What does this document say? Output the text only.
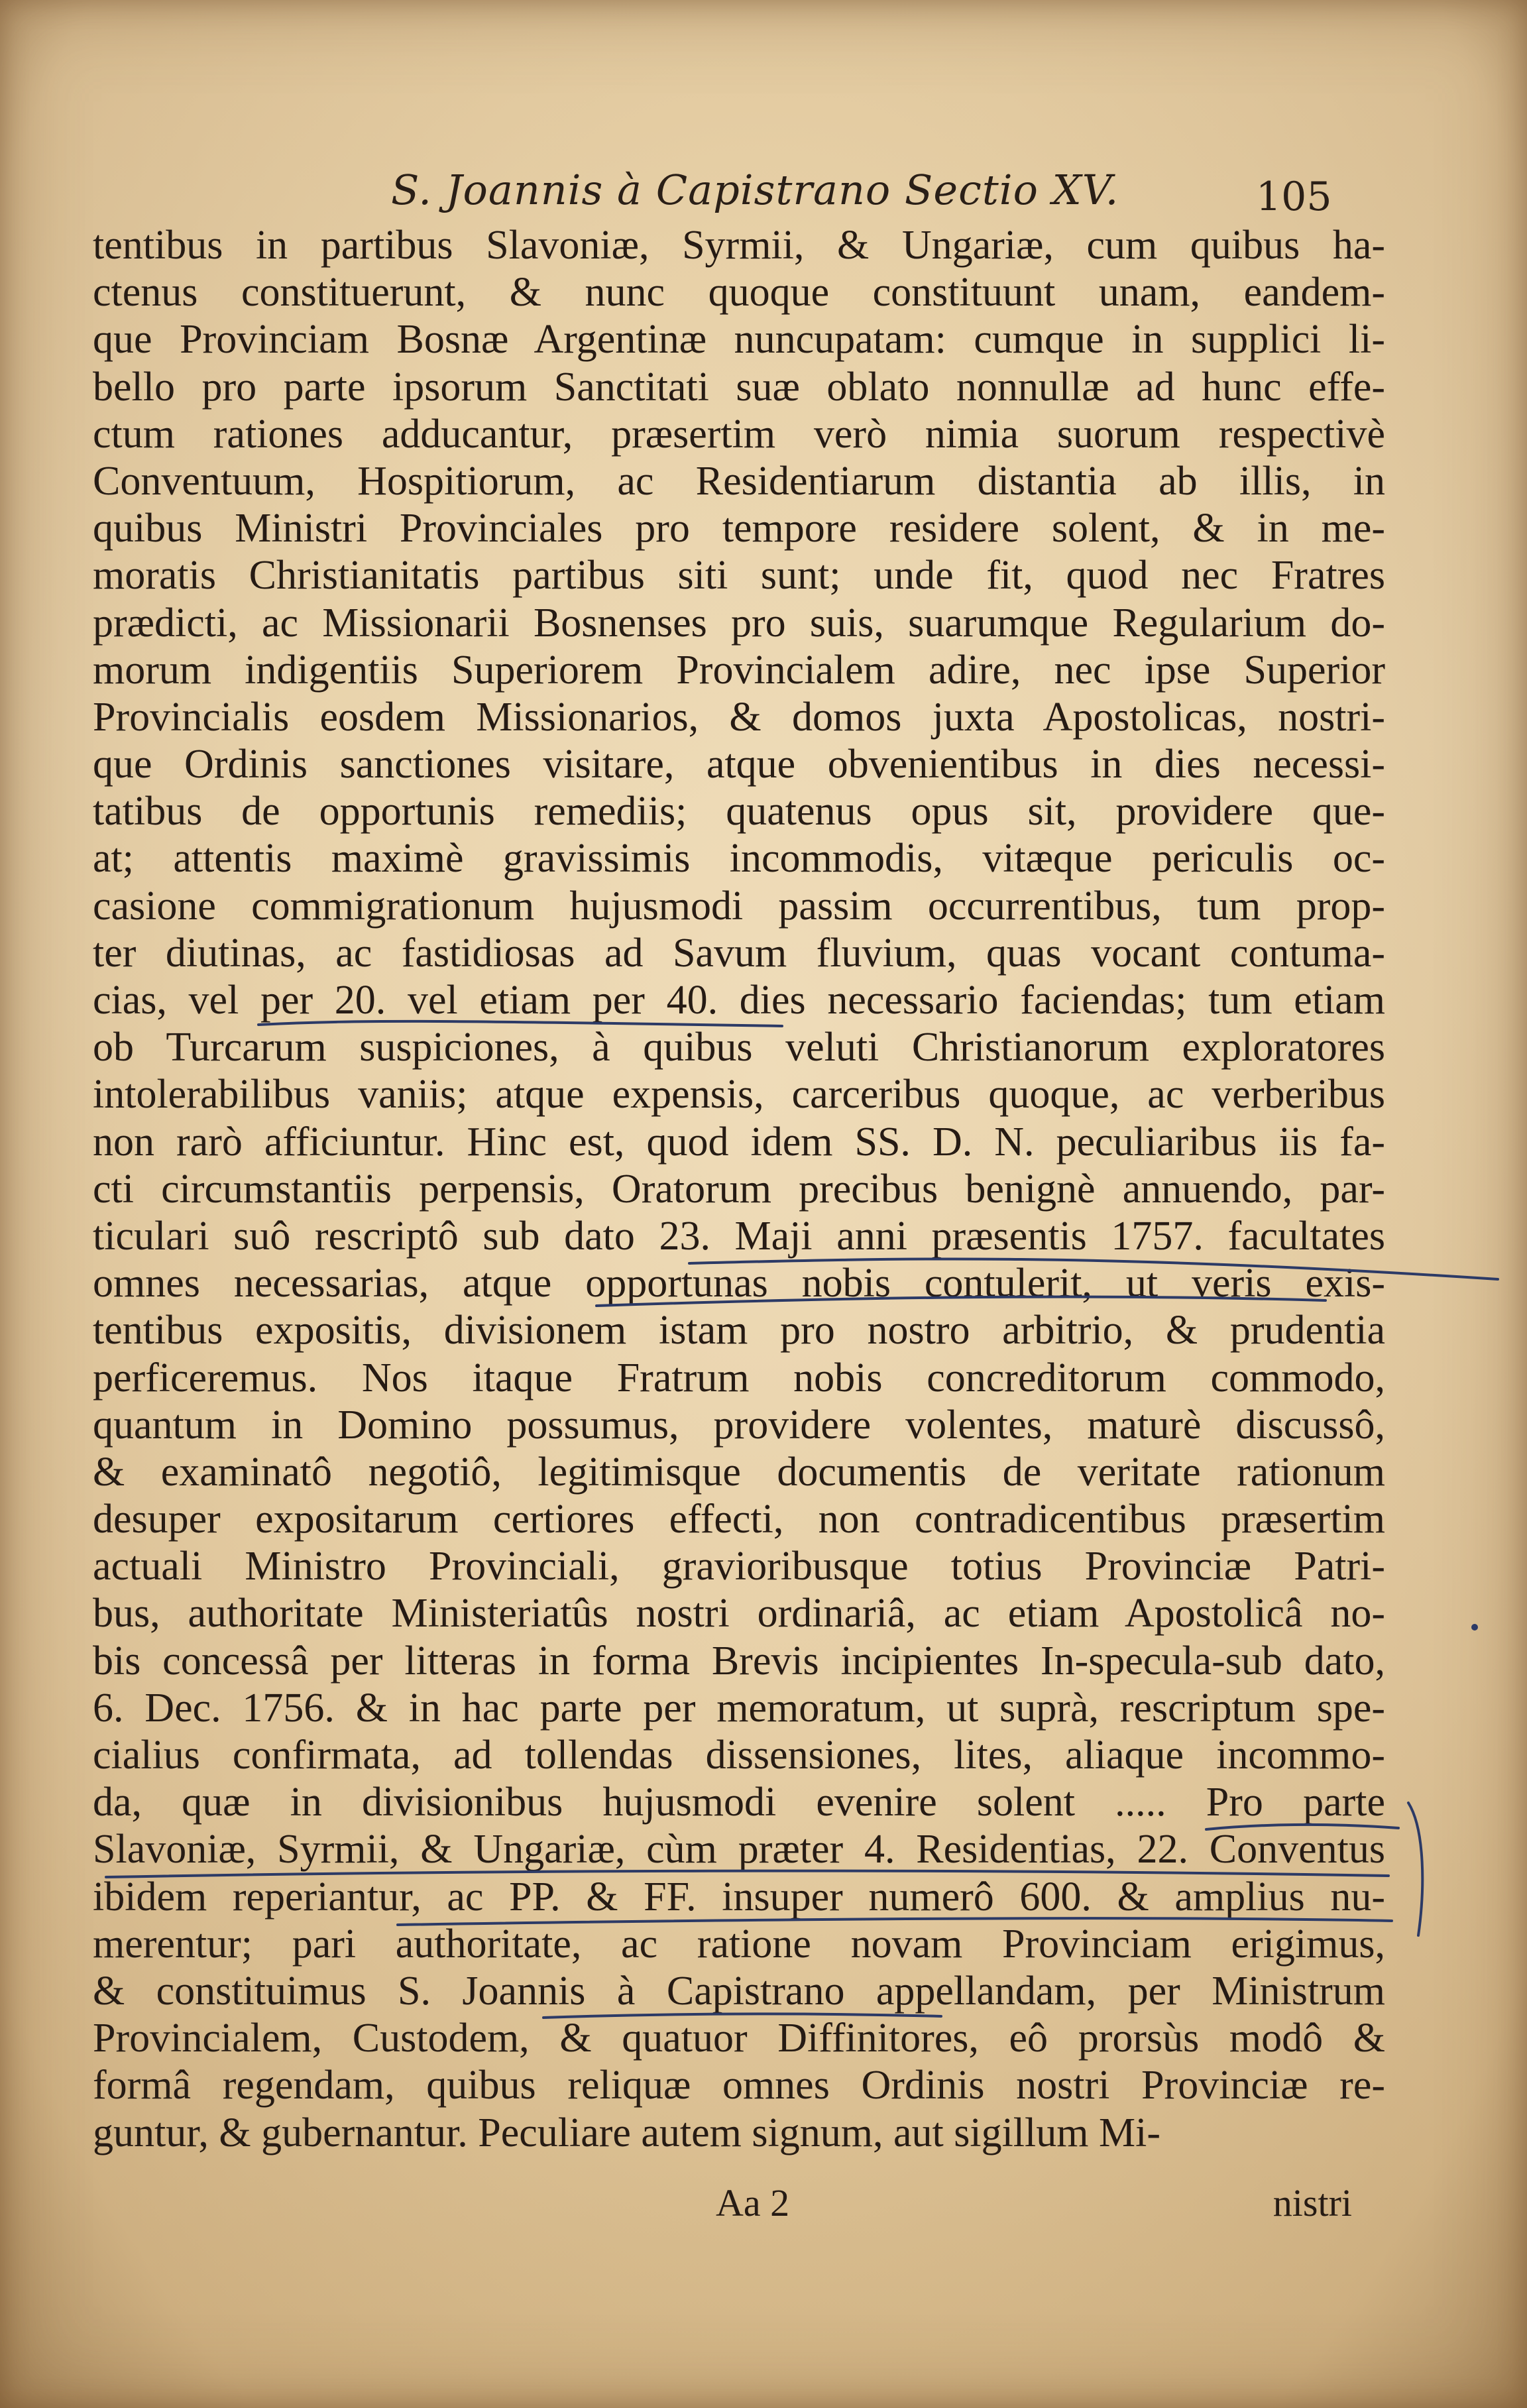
S. Joannis à Capistrano Sectio XV.	105
tentibus in partibus Slavoniæ, Syrmii, & Ungariæ, cum quibus ha-
ctenus constituerunt, & nunc quoque constituunt unam, eandem-
que Provinciam Bosnæ Argentinæ nuncupatam: cumque in supplici li-
bello pro parte ipsorum Sanctitati suæ oblato nonnullæ ad hunc effe-
ctum rationes adducantur, præsertim verò nimia suorum respectivè
Conventuum, Hospitiorum, ac Residentiarum distantia ab illis, in
quibus Ministri Provinciales pro tempore residere solent, & in me-
moratis Christianitatis partibus siti sunt; unde fit, quod nec Fratres
prædicti, ac Missionarii Bosnenses pro suis, suarumque Regularium do-
morum indigentiis Superiorem Provincialem adire, nec ipse Superior
Provincialis eosdem Missionarios, & domos juxta Apostolicas, nostri-
que Ordinis sanctiones visitare, atque obvenientibus in dies necessi-
tatibus de opportunis remediis; quatenus opus sit, providere que-
at; attentis maximè gravissimis incommodis, vitæque periculis oc-
casione commigrationum hujusmodi passim occurrentibus, tum prop-
ter diutinas, ac fastidiosas ad Savum fluvium, quas vocant contuma-
cias, vel per 20. vel etiam per 40. dies necessario faciendas; tum etiam
ob Turcarum suspiciones, à quibus veluti Christianorum exploratores
intolerabilibus vaniis; atque expensis, carceribus quoque, ac verberibus
non rarò afficiuntur. Hinc est, quod idem SS. D. N. peculiaribus iis fa-
cti circumstantiis perpensis, Oratorum precibus benignè annuendo, par-
ticulari suô rescriptô sub dato 23. Maji anni præsentis 1757. facultates
omnes necessarias, atque opportunas nobis contulerit, ut veris exis-
tentibus expositis, divisionem istam pro nostro arbitrio, & prudentia
perficeremus. Nos itaque Fratrum nobis concreditorum commodo,
quantum in Domino possumus, providere volentes, maturè discussô,
& examinatô negotiô, legitimisque documentis de veritate rationum
desuper expositarum certiores effecti, non contradicentibus præsertim
actuali Ministro Provinciali, gravioribusque totius Provinciæ Patri-
bus, authoritate Ministeriatûs nostri ordinariâ, ac etiam Apostolicâ no-
bis concessâ per litteras in forma Brevis incipientes In-specula-sub dato,
6. Dec. 1756. & in hac parte per memoratum, ut suprà, rescriptum spe-
cialius confirmata, ad tollendas dissensiones, lites, aliaque incommo-
da, quæ in divisionibus hujusmodi evenire solent ..... Pro parte
Slavoniæ, Syrmii, & Ungariæ, cùm præter 4. Residentias, 22. Conventus
ibidem reperiantur, ac PP. & FF. insuper numerô 600. & amplius nu-
merentur; pari authoritate, ac ratione novam Provinciam erigimus,
& constituimus S. Joannis à Capistrano appellandam, per Ministrum
Provincialem, Custodem, & quatuor Diffinitores, eô prorsùs modô &
formâ regendam, quibus reliquæ omnes Ordinis nostri Provinciæ re-
guntur, & gubernantur. Peculiare autem signum, aut sigillum Mi-
Aa 2	nistri
